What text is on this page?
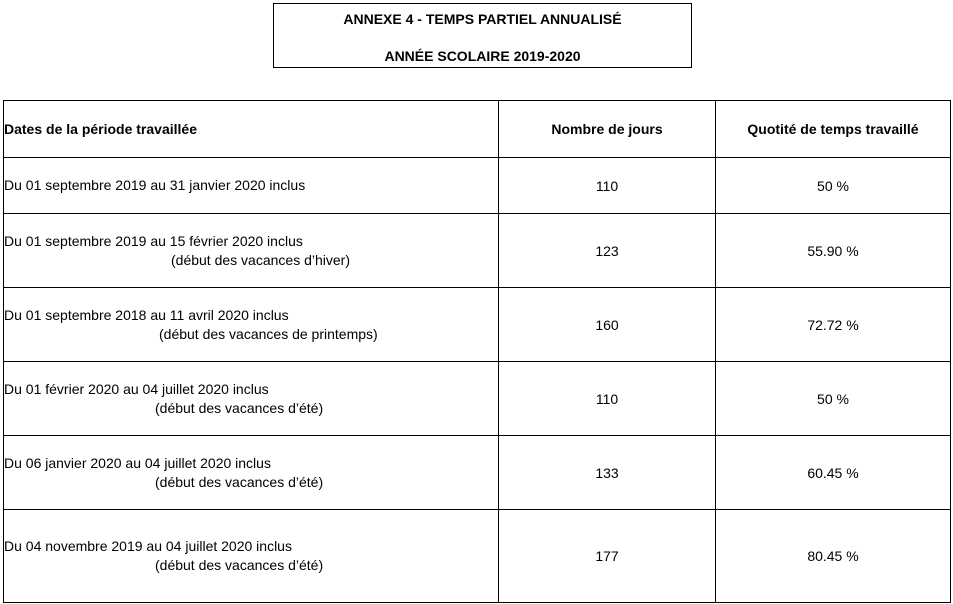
ANNEXE 4 - TEMPS PARTIEL ANNUALISÉ
ANNÉE SCOLAIRE 2019-2020
Dates de la période travaillée	Nombre de jours	Quotité de temps travaillé
Du 01 septembre 2019 au 31 janvier 2020 inclus	110	50 %
Du 01 septembre 2019 au 15 février 2020 inclus
(début des vacances d’hiver)	123	55.90 %
Du 01 septembre 2018 au 11 avril 2020 inclus
(début des vacances de printemps)	160	72.72 %
Du 01 février 2020 au 04 juillet 2020 inclus
(début des vacances d’été)	110	50 %
Du 06 janvier 2020 au 04 juillet 2020 inclus
(début des vacances d’été)	133	60.45 %
Du 04 novembre 2019 au 04 juillet 2020 inclus
(début des vacances d’été)	177	80.45 %
